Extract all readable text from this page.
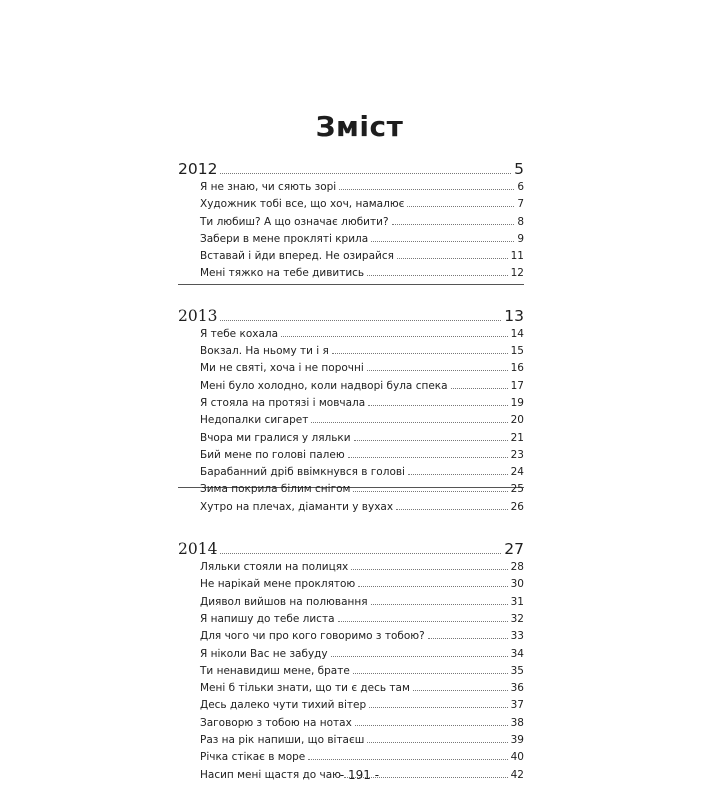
Зміст
2012	5
Я не знаю, чи сяють зорі	6
Художник тобі все, що хоч, намалює	7
Ти любиш? А що означає любити?	8
Забери в мене прокляті крила	9
Вставай і йди вперед. Не озирайся	11
Мені тяжко на тебе дивитись	12
2013	13
Я тебе кохала	14
Вокзал. На ньому ти і я	15
Ми не святі, хоча і не порочні	16
Мені було холодно, коли надворі була спека	17
Я стояла на протязі і мовчала	19
Недопалки сигарет	20
Вчора ми гралися у ляльки	21
Бий мене по голові палею	23
Барабанний дріб ввімкнувся в голові	24
Зима покрила білим снігом	25
Хутро на плечах, діаманти у вухах	26
2014	27
Ляльки стояли на полицях	28
Не нарікай мене проклятою	30
Диявол вийшов на полювання	31
Я напишу до тебе листа	32
Для чого чи про кого говоримо з тобою?	33
Я ніколи Вас не забуду	34
Ти ненавидиш мене, брате	35
Мені б тільки знати, що ти є десь там	36
Десь далеко чути тихий вітер	37
Заговорю з тобою на нотах	38
Раз на рік напиши, що вітаєш	39
Річка стікає в море	40
Насип мені щастя до чаю	42
- 191 -
